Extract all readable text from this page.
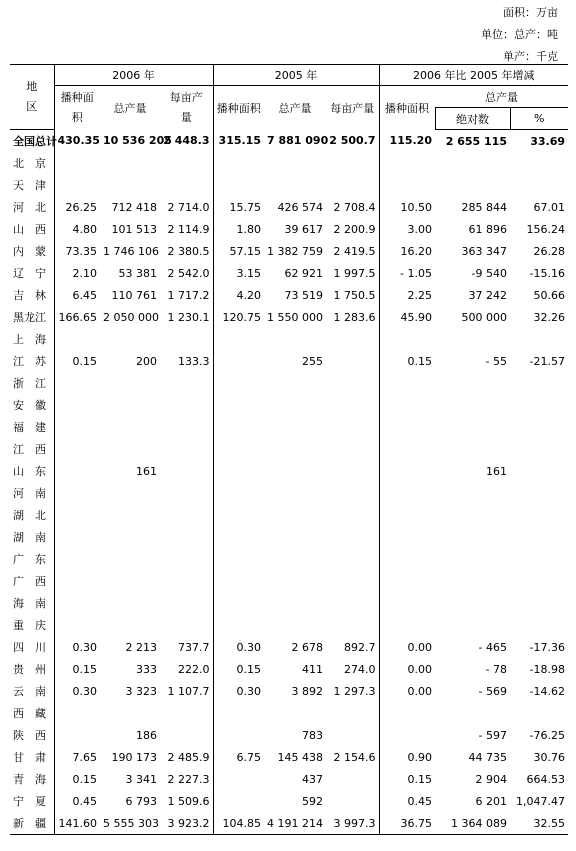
面积：万亩
单位：总产：吨
单产：千克
地区	2006 年			2005 年			2006 年比 2005 年增减		
	播种面积	总产量	每亩产量	播种面积	总产量	每亩产量	播种面积	总产量	
								绝对数	%
全国总计	430.35	10 536 205	2 448.3	315.15	7 881 090	2 500.7	115.20	2 655 115	33.69
北　京									
天　津									
河　北	26.25	712 418	2 714.0	15.75	426 574	2 708.4	10.50	285 844	67.01
山　西	4.80	101 513	2 114.9	1.80	39 617	2 200.9	3.00	61 896	156.24
内　蒙	73.35	1 746 106	2 380.5	57.15	1 382 759	2 419.5	16.20	363 347	26.28
辽　宁	2.10	53 381	2 542.0	3.15	62 921	1 997.5	- 1.05	-9 540	-15.16
吉　林	6.45	110 761	1 717.2	4.20	73 519	1 750.5	2.25	37 242	50.66
黑龙江	166.65	2 050 000	1 230.1	120.75	1 550 000	1 283.6	45.90	500 000	32.26
上　海									
江　苏	0.15	200	133.3		255		0.15	- 55	-21.57
浙　江									
安　徽									
福　建									
江　西									
山　东		161						161	
河　南									
湖　北									
湖　南									
广　东									
广　西									
海　南									
重　庆									
四　川	0.30	2 213	737.7	0.30	2 678	892.7	0.00	- 465	-17.36
贵　州	0.15	333	222.0	0.15	411	274.0	0.00	- 78	-18.98
云　南	0.30	3 323	1 107.7	0.30	3 892	1 297.3	0.00	- 569	-14.62
西　藏									
陕　西		186			783			- 597	-76.25
甘　肃	7.65	190 173	2 485.9	6.75	145 438	2 154.6	0.90	44 735	30.76
青　海	0.15	3 341	2 227.3		437		0.15	2 904	664.53
宁　夏	0.45	6 793	1 509.6		592		0.45	6 201	1,047.47
新　疆	141.60	5 555 303	3 923.2	104.85	4 191 214	3 997.3	36.75	1 364 089	32.55
